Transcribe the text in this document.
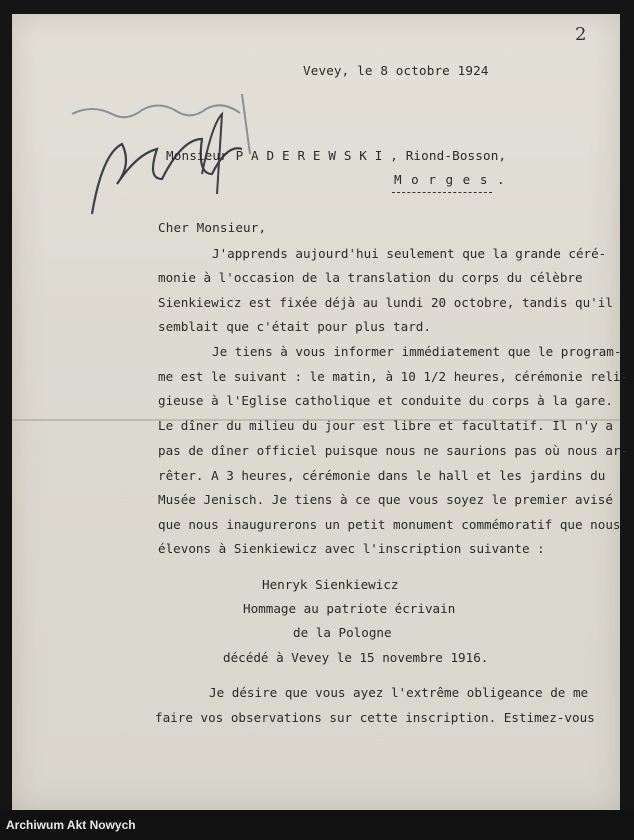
2
Vevey, le 8 octobre 1924
Monsieur P A D E R E W S K I , Riond-Bosson,
M o r g e s .
Cher Monsieur,
J'apprends aujourd'hui seulement que la grande céré-
monie à l'occasion de la translation du corps du célèbre
Sienkiewicz est fixée déjà au lundi 20 octobre, tandis qu'il
semblait que c'était pour plus tard.
Je tiens à vous informer immédiatement que le program-
me est le suivant : le matin, à 10 1/2 heures, cérémonie reli-
gieuse à l'Eglise catholique et conduite du corps à la gare.
Le dîner du milieu du jour est libre et facultatif. Il n'y a
pas de dîner officiel puisque nous ne saurions pas où nous ar-
rêter. A 3 heures, cérémonie dans le hall et les jardins du
Musée Jenisch. Je tiens à ce que vous soyez le premier avisé
que nous inaugurerons un petit monument commémoratif que nous
élevons à Sienkiewicz avec l'inscription suivante :
Henryk Sienkiewicz
Hommage au patriote écrivain
de la Pologne
décédé à Vevey le 15 novembre 1916.
Je désire que vous ayez l'extrême obligeance de me
faire vos observations sur cette inscription. Estimez-vous
Archiwum Akt Nowych
